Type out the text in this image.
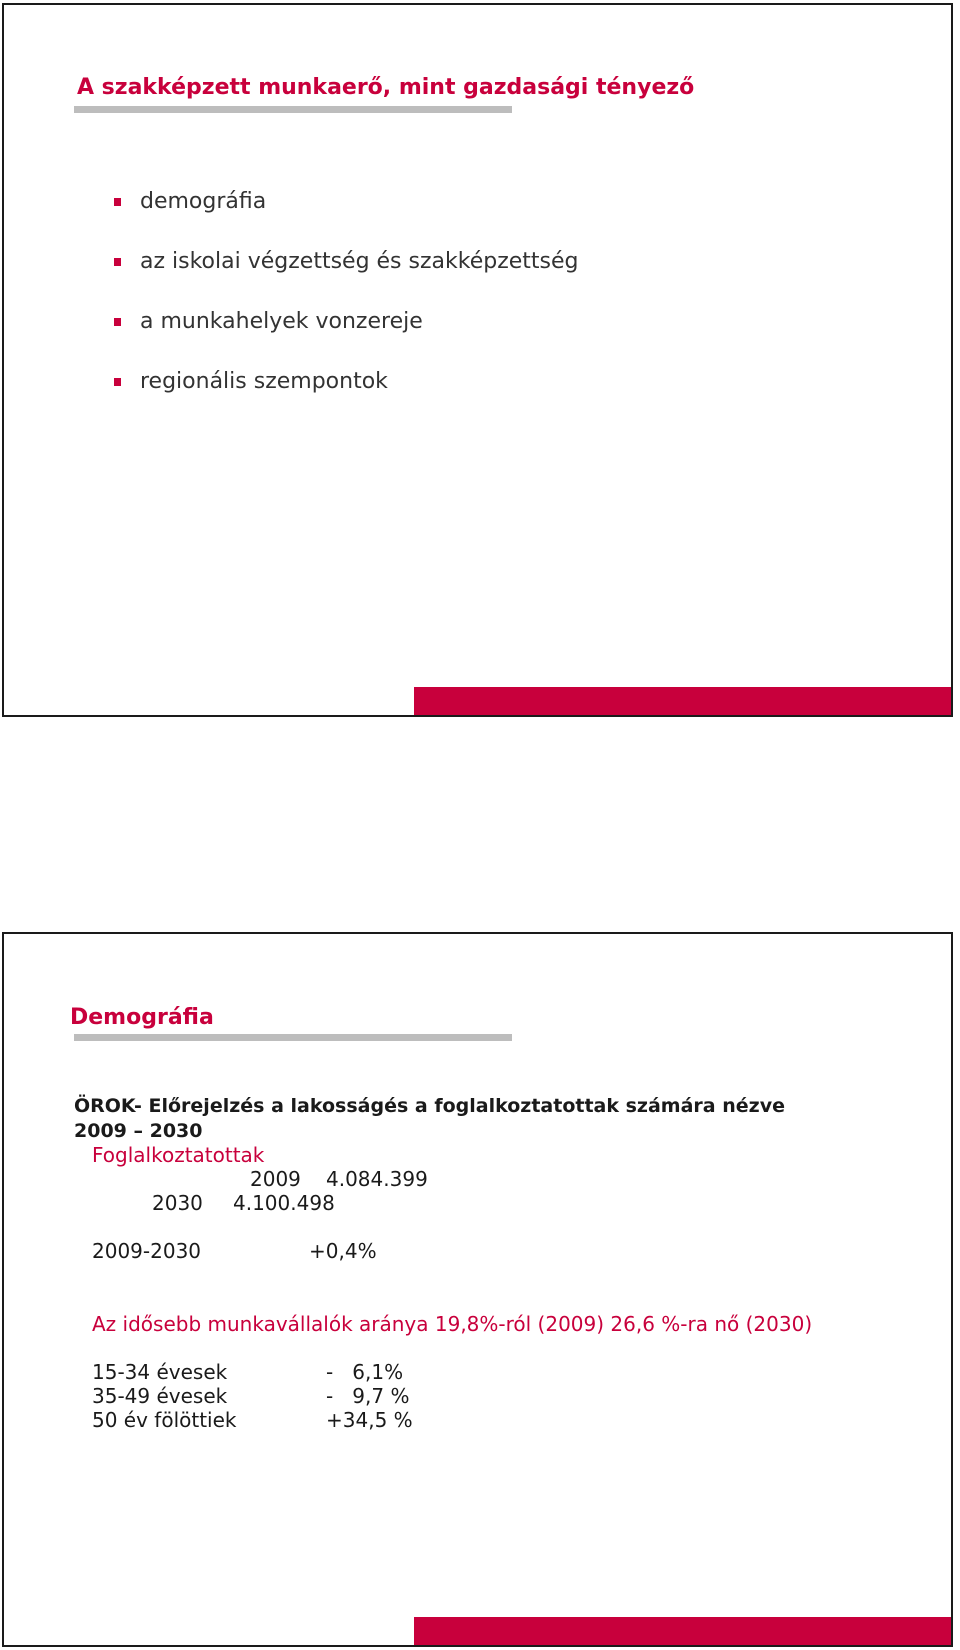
A szakképzett munkaerő, mint gazdasági tényező
demográfia
az iskolai végzettség és szakképzettség
a munkahelyek vonzereje
regionális szempontok
Demográfia
ÖROK- Előrejelzés a lakosságés a foglalkoztatottak számára nézve
2009 – 2030
Foglalkoztatottak
2009 4.084.399
2030 4.100.498
2009-2030	+0,4%
Az idősebb munkavállalók aránya 19,8%-ról (2009) 26,6 %-ra nő (2030)
15-34 évesek	-   6,1%
35-49 évesek	-   9,7 %
50 év fölöttiek	+34,5 %
